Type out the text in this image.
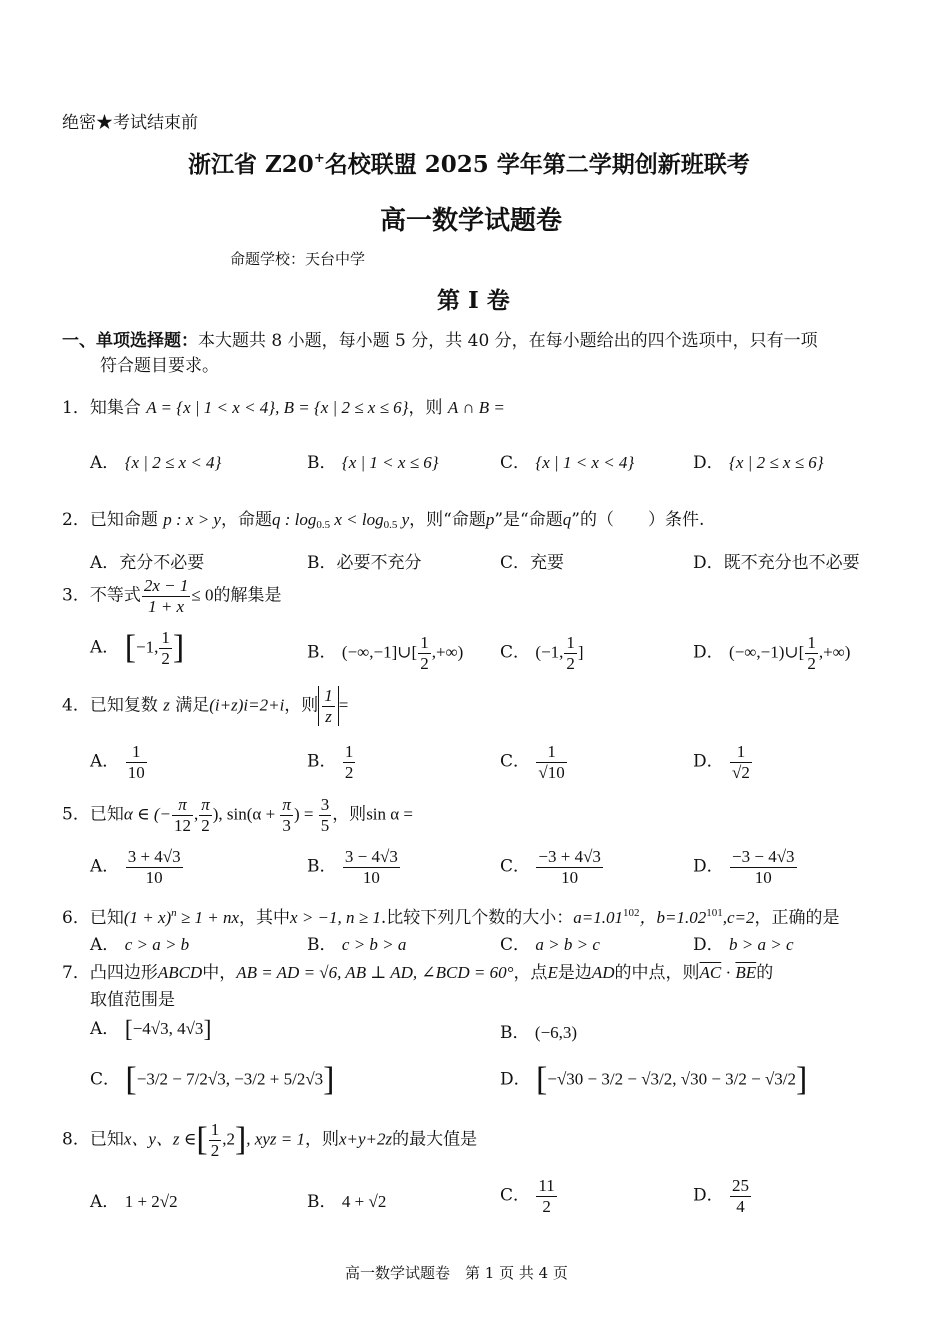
绝密★考试结束前
浙江省 Z20+名校联盟 2025 学年第二学期创新班联考
高一数学试题卷
命题学校：天台中学
第 I 卷
一、单项选择题：本大题共 8 小题，每小题 5 分，共 40 分，在每小题给出的四个选项中，只有一项
符合题目要求。
1．知集合 A = {x | 1 < x < 4}, B = {x | 2 ≤ x ≤ 6}，则 A ∩ B =
A． {x | 2 ≤ x < 4}	B． {x | 1 < x ≤ 6}	C． {x | 1 < x < 4}	D． {x | 2 ≤ x ≤ 6}
2．已知命题 p : x > y，命题q : $\log_{0.5} x < \log_{0.5} y$，则“命题p”是“命题q”的（　　）条件.
A．充分不必要	B．必要不充分	C．充要	D．既不充分也不必要
3．不等式 $\frac{2x - 1}{1 + x} \le 0$的解集是
A． [−1, $\frac{1}{2}$ ]	B． (−∞,−1]∪[ $\frac{1}{2}$ ,+∞) C． (−1, $\frac{1}{2}$ ]	D． (−∞,−1)∪[ $\frac{1}{2}$ ,+∞)
4．已知复数 z 满足(i+z)i=2+i，则 $\frac{1}{z}$ =
A． $\frac{1}{10}$	B． $\frac{1}{2}$	C． $\frac{1}{√10}$	D． $\frac{1}{√2}$
5．已知α ∈ (− $\frac{\pi}{12}$ , $\frac{\pi}{2}$ ), $\sin(\alpha + \frac{\pi}{3}$ ) = $\frac{3}{5}$ ，则sin α =
A． $\frac{3 + 4√3}{10}$	B． $\frac{3 - 4√3}{10}$	C． $\frac{-3 + 4√3}{10}$	D． $\frac{-3 - 4√3}{10}$
6．已知$(1 + x)^n \ge 1$ + nx，其中x > −1, n ≥ 1.比较下列几个数的大小：$a=1.01^{102}$，$b=1.02^{101},c=2$，正确的是
A． c > a > b	B． c > b > a	C． a > b > c	D． b > a > c
7．凸四边形ABCD中，AB = AD = √6, AB ⊥ AD, ∠BCD = 60°，点E是边AD的中点，则$\overline{AC} \cdot \overline{BE}$的
取值范围是
A． [−4√3, 4√3]	B． (−6,3)
C． [−3/2 − 7/2√3, −3/2 + 5/2√3]	D． [−√30 − 3/2 − √3/2, √30 − 3/2 − √3/2]
8．已知x、y、z ∈[ $\frac{1}{2} ,2$], xyz = 1，则x+y+2z的最大值是
A． 1 + 2√2	B． 4 + √2	C． $\frac{11}{2}$	D． $\frac{25}{4}$
高一数学试题卷　第 1 页 共 4 页
